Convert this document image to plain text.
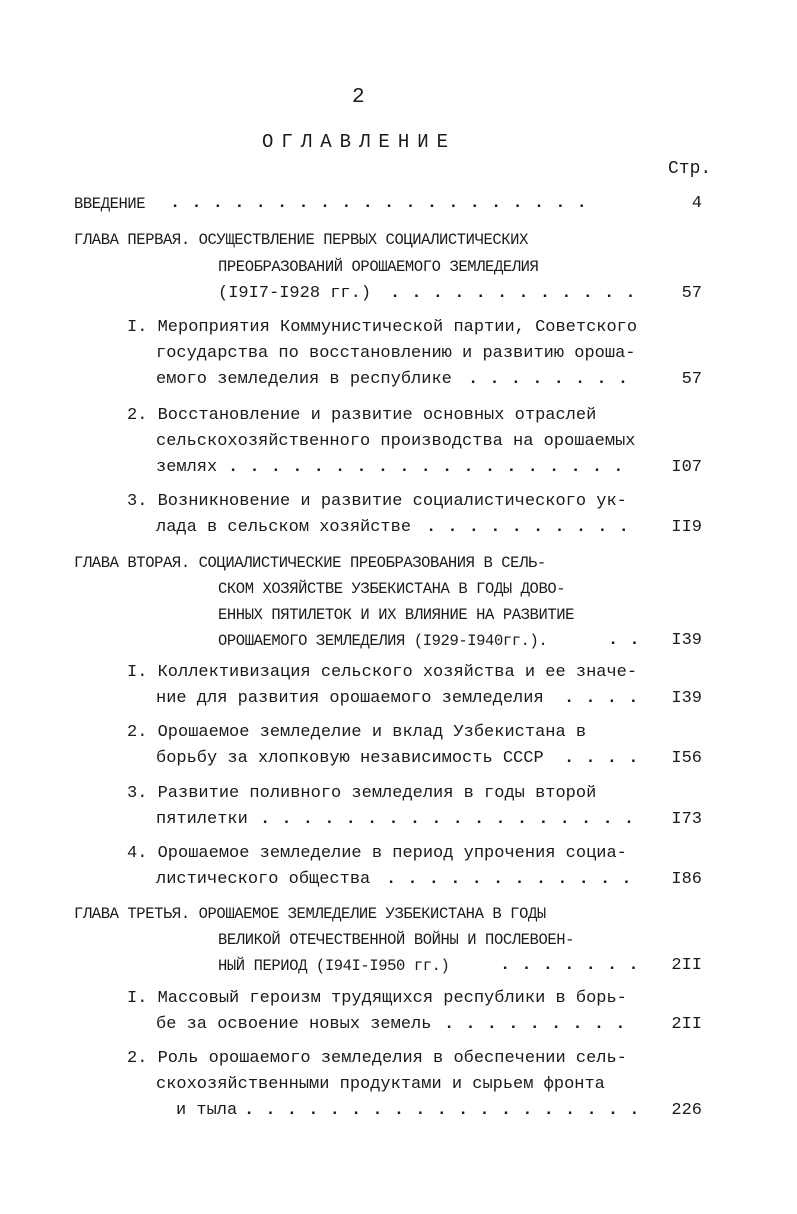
2
ОГЛАВЛЕНИЕ
Стр.
ВВЕДЕНИЕ . . . . . . . . . . . . . . . . . . . .	4
ГЛАВА ПЕРВАЯ. ОСУЩЕСТВЛЕНИЕ ПЕРВЫХ СОЦИАЛИСТИЧЕСКИХ
ПРЕОБРАЗОВАНИЙ ОРОШАЕМОГО ЗЕМЛЕДЕЛИЯ
(I9I7-I928 гг.) . . . . . . . . . . . .	57
I. Мероприятия Коммунистической партии, Советского
государства по восстановлению и развитию ороша-
емого земледелия в республике . . . . . . . .	57
2. Восстановление и развитие основных отраслей
сельскохозяйственного производства на орошаемых
землях . . . . . . . . . . . . . . . . . . .	I07
3. Возникновение и развитие социалистического ук-
лада в сельском хозяйстве . . . . . . . . . .	II9
ГЛАВА ВТОРАЯ. СОЦИАЛИСТИЧЕСКИЕ ПРЕОБРАЗОВАНИЯ В СЕЛЬ-
СКОМ ХОЗЯЙСТВЕ УЗБЕКИСТАНА В ГОДЫ ДОВО-
ЕННЫХ ПЯТИЛЕТОК И ИХ ВЛИЯНИЕ НА РАЗВИТИЕ
ОРОШАЕМОГО ЗЕМЛЕДЕЛИЯ (I929-I940гг.).	. .	I39
I. Коллективизация сельского хозяйства и ее значе-
ние для развития орошаемого земледелия . . . .	I39
2. Орошаемое земледелие и вклад Узбекистана в
борьбу за хлопковую независимость СССР . . . .	I56
3. Развитие поливного земледелия в годы второй
пятилетки . . . . . . . . . . . . . . . . . .	I73
4. Орошаемое земледелие в период упрочения социа-
листического общества . . . . . . . . . . . .	I86
ГЛАВА ТРЕТЬЯ. ОРОШАЕМОЕ ЗЕМЛЕДЕЛИЕ УЗБЕКИСТАНА В ГОДЫ
ВЕЛИКОЙ ОТЕЧЕСТВЕННОЙ ВОЙНЫ И ПОСЛЕВОЕН-
НЫЙ ПЕРИОД (I94I-I950 гг.)	. . . . . . .	2II
I. Массовый героизм трудящихся республики в борь-
бе за освоение новых земель . . . . . . . . .	2II
2. Роль орошаемого земледелия в обеспечении сель-
скохозяйственными продуктами и сырьем фронта
и тыла . . . . . . . . . . . . . . . . . . .	226
